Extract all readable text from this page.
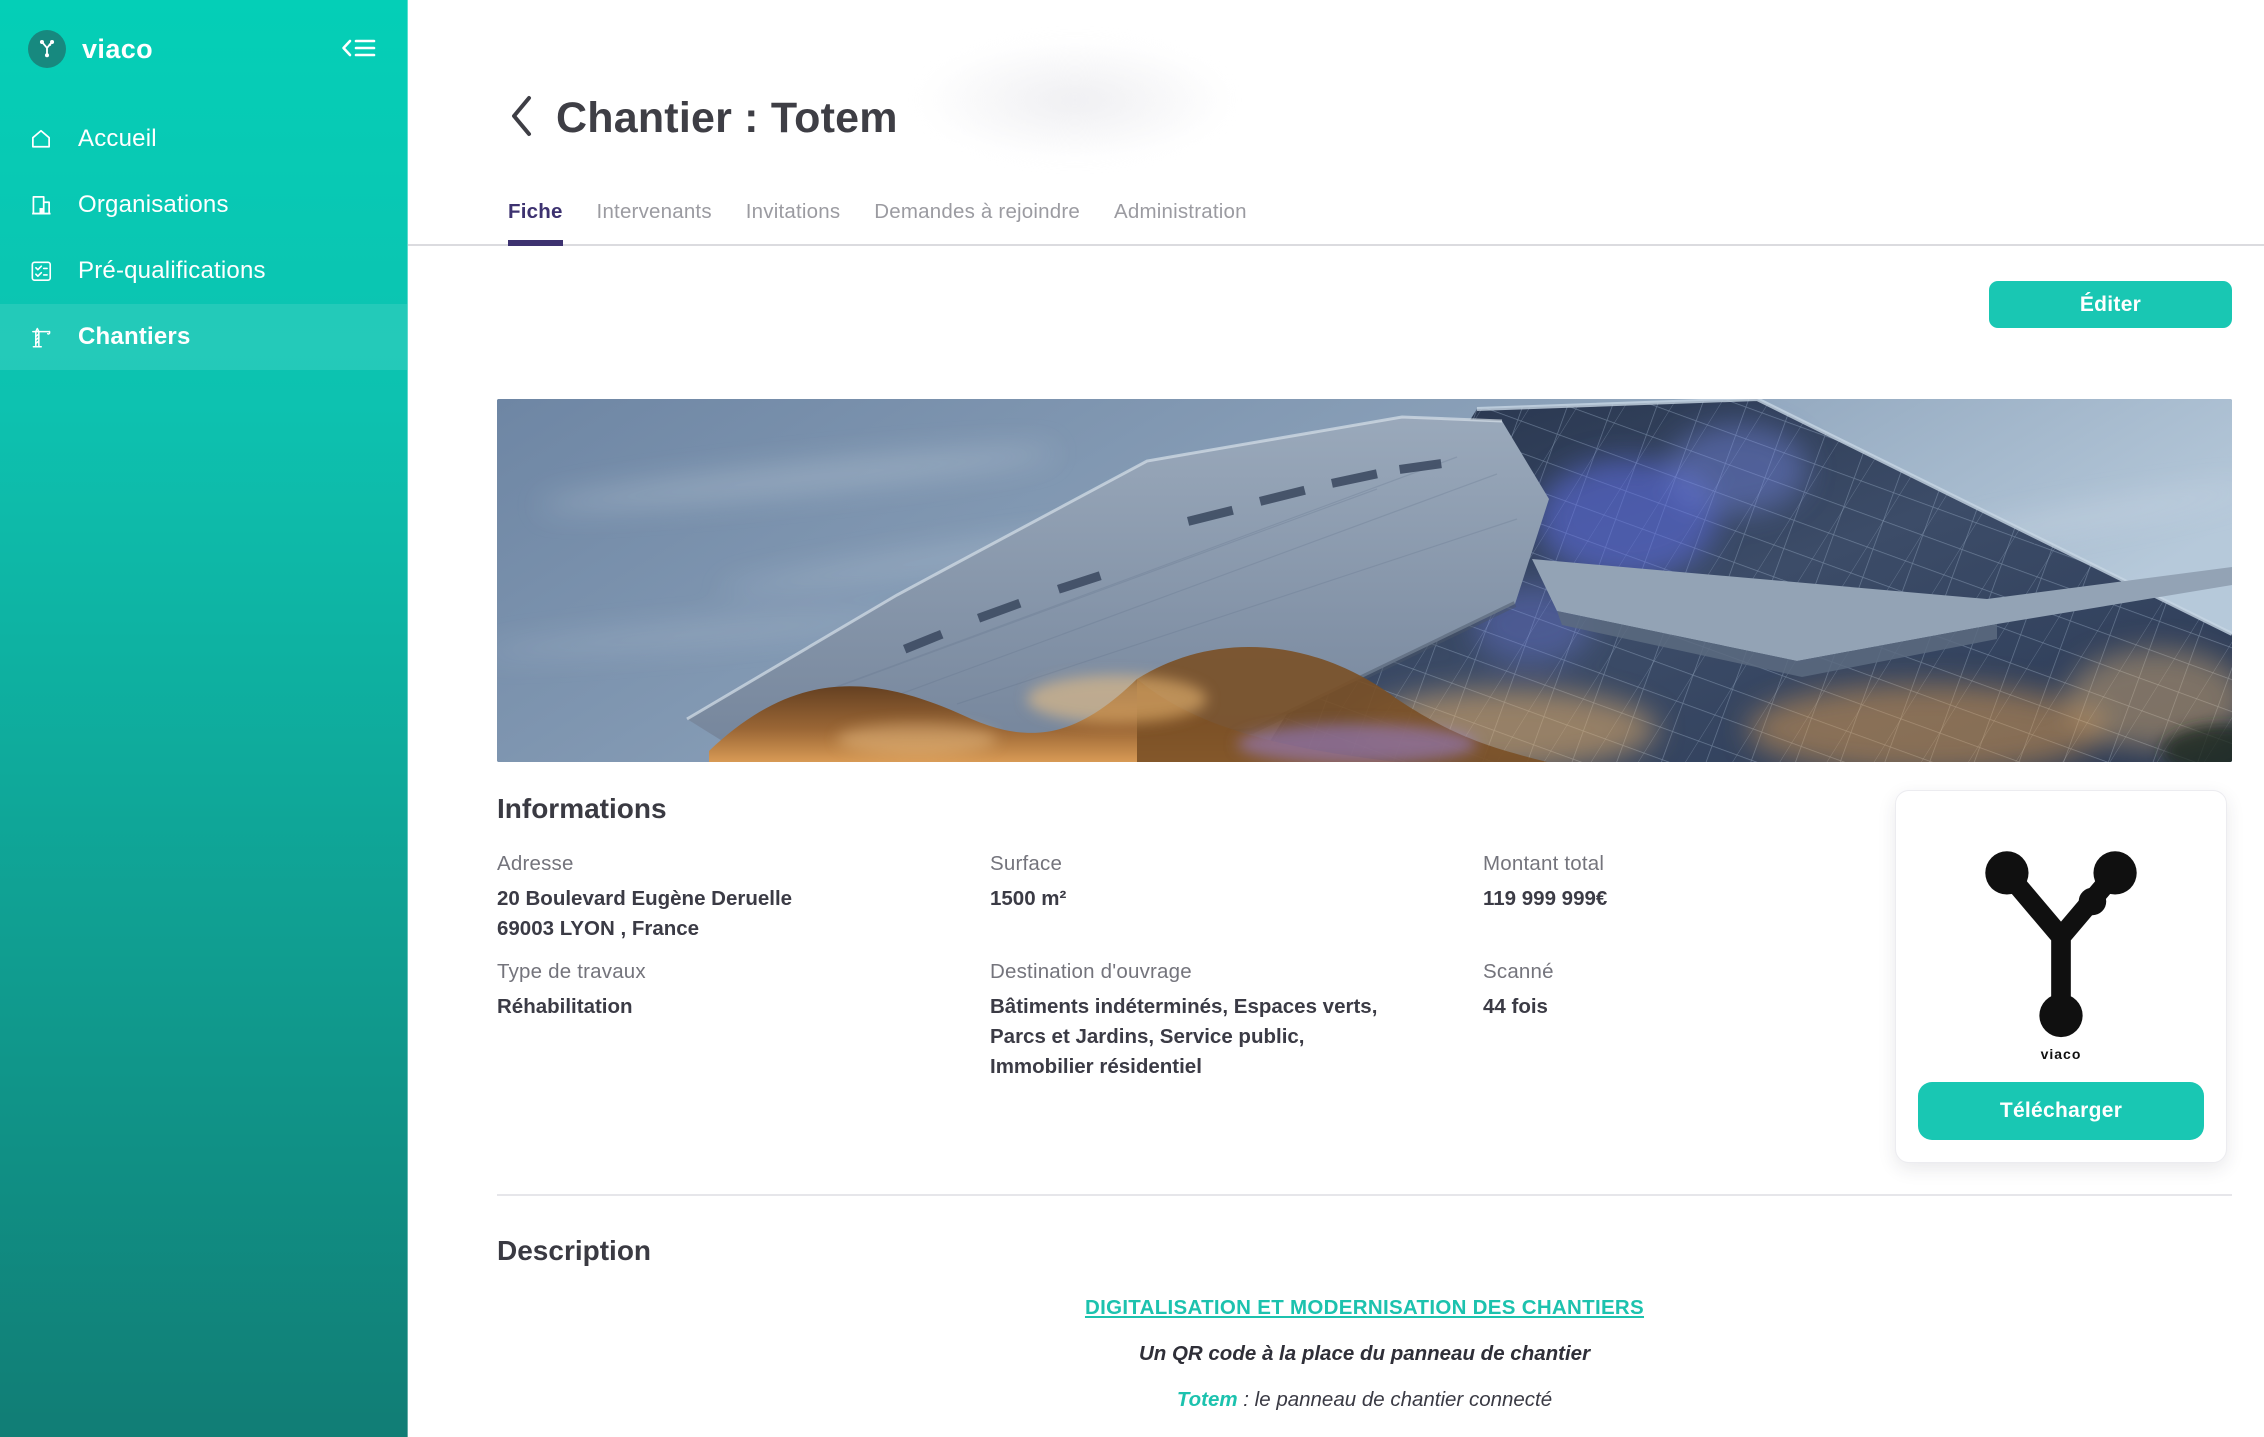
viaco
Accueil
Organisations
Pré-qualifications
Chantiers
Chantier : Totem
Fiche Intervenants Invitations Demandes à rejoindre Administration
Éditer
Informations
Adresse
20 Boulevard Eugène Deruelle
69003 LYON , France
Surface
1500 m²
Montant total
119 999 999€
Type de travaux
Réhabilitation
Destination d'ouvrage
Bâtiments indéterminés, Espaces verts, Parcs et Jardins, Service public, Immobilier résidentiel
Scanné
44 fois
Description

DIGITALISATION ET MODERNISATION DES CHANTIERS

Un QR code à la place du panneau de chantier

Totem : le panneau de chantier connecté

viaco
Télécharger
